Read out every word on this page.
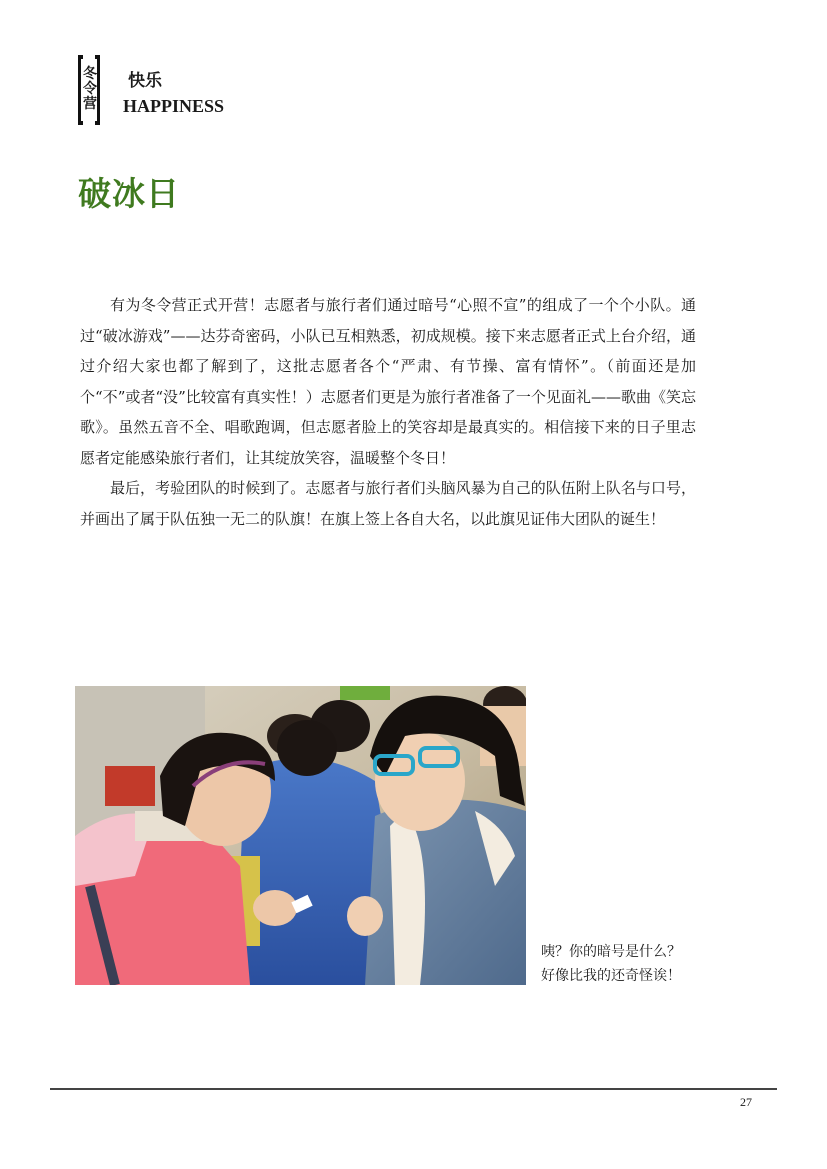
冬
令
营
快乐
HAPPINESS
破冰日

有为冬令营正式开营！志愿者与旅行者们通过暗号“心照不宣”的组成了一个个小队。通过“破冰游戏”——达芬奇密码，小队已互相熟悉，初成规模。接下来志愿者正式上台介绍，通过介绍大家也都了解到了，这批志愿者各个“严肃、有节操、富有情怀”。（前面还是加个“不”或者“没”比较富有真实性！）志愿者们更是为旅行者准备了一个见面礼——歌曲《笑忘歌》。虽然五音不全、唱歌跑调，但志愿者脸上的笑容却是最真实的。相信接下来的日子里志愿者定能感染旅行者们，让其绽放笑容，温暖整个冬日！

最后，考验团队的时候到了。志愿者与旅行者们头脑风暴为自己的队伍附上队名与口号，并画出了属于队伍独一无二的队旗！在旗上签上各自大名，以此旗见证伟大团队的诞生！

咦？你的暗号是什么？
好像比我的还奇怪诶！
27
